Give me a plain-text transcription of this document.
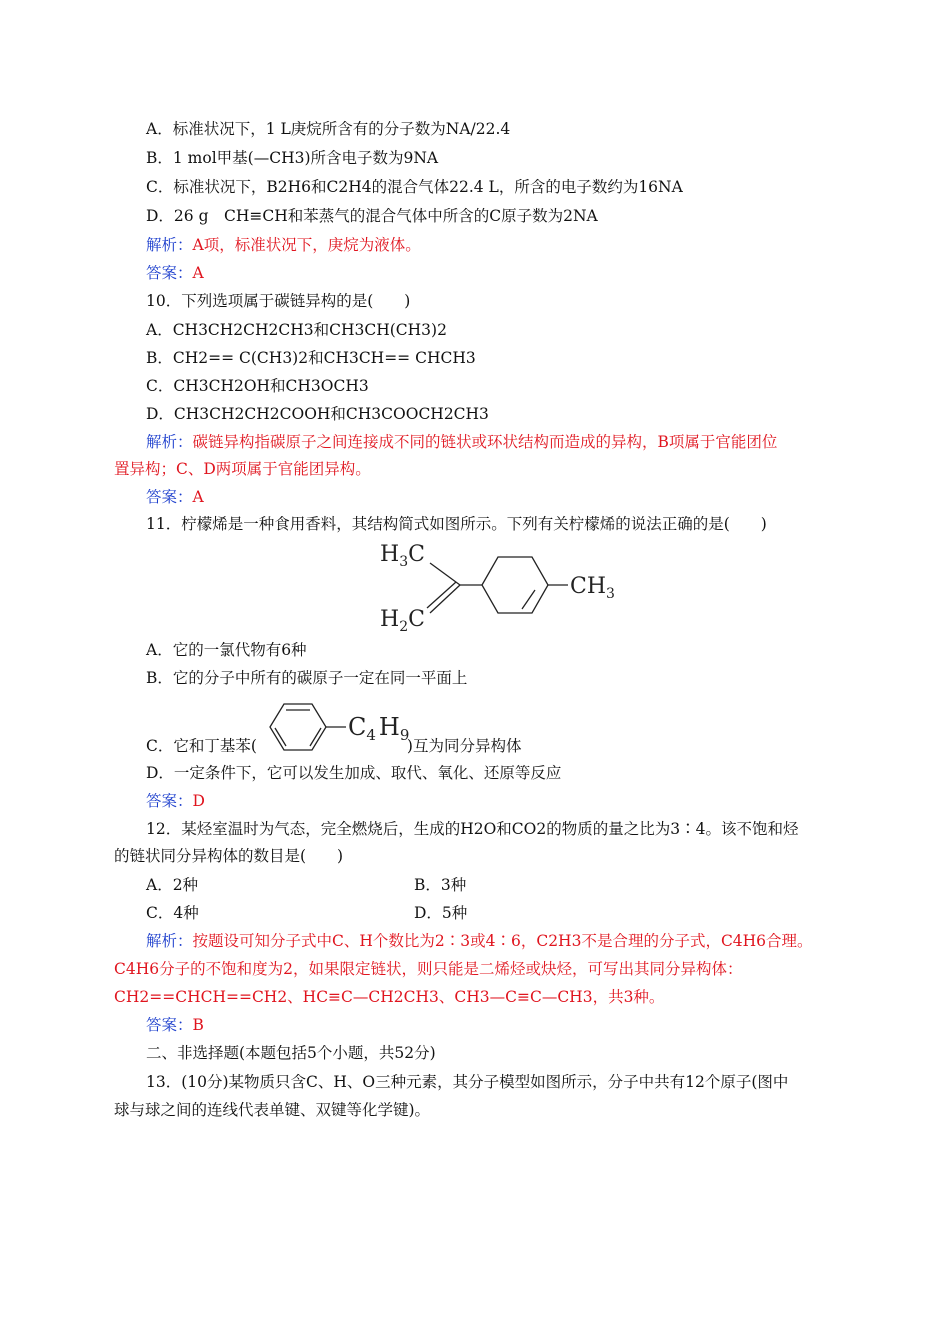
A．标准状况下，1 L庚烷所含有的分子数为NA/22.4
B．1 mol甲基(—CH3)所含电子数为9NA
C．标准状况下，B2H6和C2H4的混合气体22.4 L，所含的电子数约为16NA
D．26 g　CH≡CH和苯蒸气的混合气体中所含的C原子数为2NA
解析：A项，标准状况下，庚烷为液体。
答案：A
10．下列选项属于碳链异构的是(　　)
A．CH3CH2CH2CH3和CH3CH(CH3)2
B．CH2== C(CH3)2和CH3CH== CHCH3
C．CH3CH2OH和CH3OCH3
D．CH3CH2CH2COOH和CH3COOCH2CH3
解析：碳链异构指碳原子之间连接成不同的链状或环状结构而造成的异构，B项属于官能团位
置异构；C、D两项属于官能团异构。
答案：A
11．柠檬烯是一种食用香料，其结构简式如图所示。下列有关柠檬烯的说法正确的是(　　)
$H_3C$
$H_2C$
$CH_3$
A．它的一氯代物有6种
B．它的分子中所有的碳原子一定在同一平面上
C．它和丁基苯(	)互为同分异构体
$C_4$ $H_9$
D．一定条件下，它可以发生加成、取代、氧化、还原等反应
答案：D
12．某烃室温时为气态，完全燃烧后，生成的H2O和CO2的物质的量之比为3∶4。该不饱和烃
的链状同分异构体的数目是(　　)
A．2种	B．3种
C．4种	D．5种
解析：按题设可知分子式中C、H个数比为2∶3或4∶6，C2H3不是合理的分子式，C4H6合理。
C4H6分子的不饱和度为2，如果限定链状，则只能是二烯烃或炔烃，可写出其同分异构体：
CH2==CHCH==CH2、HC≡C—CH2CH3、CH3—C≡C—CH3，共3种。
答案：B
二、非选择题(本题包括5个小题，共52分)
13．(10分)某物质只含C、H、O三种元素，其分子模型如图所示，分子中共有12个原子(图中
球与球之间的连线代表单键、双键等化学键)。
